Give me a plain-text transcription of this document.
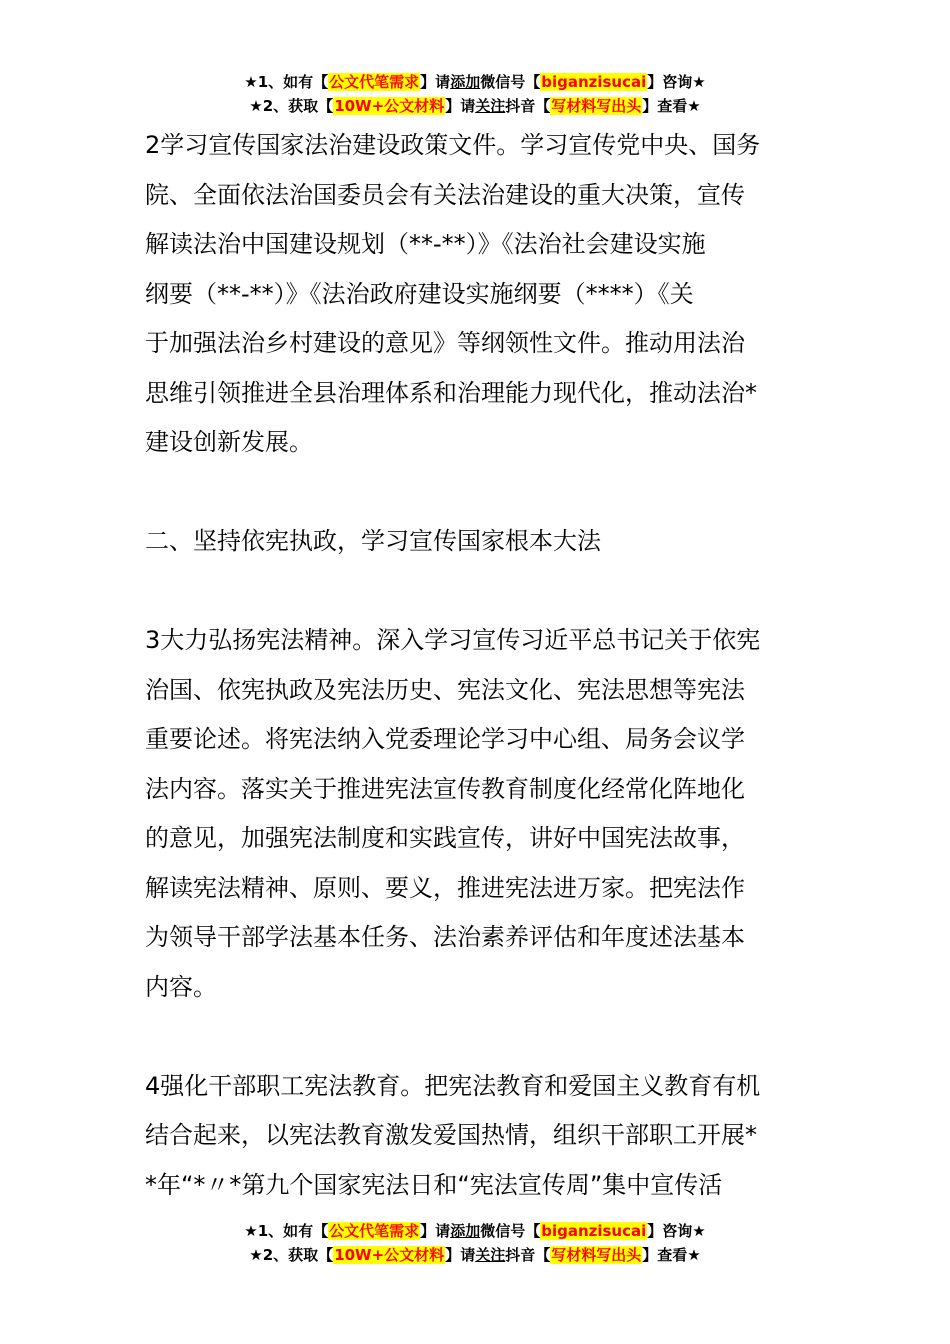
★1、如有【公文代笔需求】请添加微信号【biganzisucai】咨询★
★2、获取【10W+公文材料】请关注抖音【写材料写出头】查看★
2学习宣传国家法治建设政策文件。学习宣传党中央、国务
院、全面依法治国委员会有关法治建设的重大决策，宣传
解读法治中国建设规划（**-**）》《法治社会建设实施
纲要（**-**）》《法治政府建设实施纲要（****）《关
于加强法治乡村建设的意见》等纲领性文件。推动用法治
思维引领推进全县治理体系和治理能力现代化，推动法治*
建设创新发展。
二、坚持依宪执政，学习宣传国家根本大法
3大力弘扬宪法精神。深入学习宣传习近平总书记关于依宪
治国、依宪执政及宪法历史、宪法文化、宪法思想等宪法
重要论述。将宪法纳入党委理论学习中心组、局务会议学
法内容。落实关于推进宪法宣传教育制度化经常化阵地化
的意见，加强宪法制度和实践宣传，讲好中国宪法故事，
解读宪法精神、原则、要义，推进宪法进万家。把宪法作
为领导干部学法基本任务、法治素养评估和年度述法基本
内容。
4强化干部职工宪法教育。把宪法教育和爱国主义教育有机
结合起来，以宪法教育激发爱国热情，组织干部职工开展*
*年“*〃*第九个国家宪法日和“宪法宣传周”集中宣传活
★1、如有【公文代笔需求】请添加微信号【biganzisucai】咨询★
★2、获取【10W+公文材料】请关注抖音【写材料写出头】查看★
